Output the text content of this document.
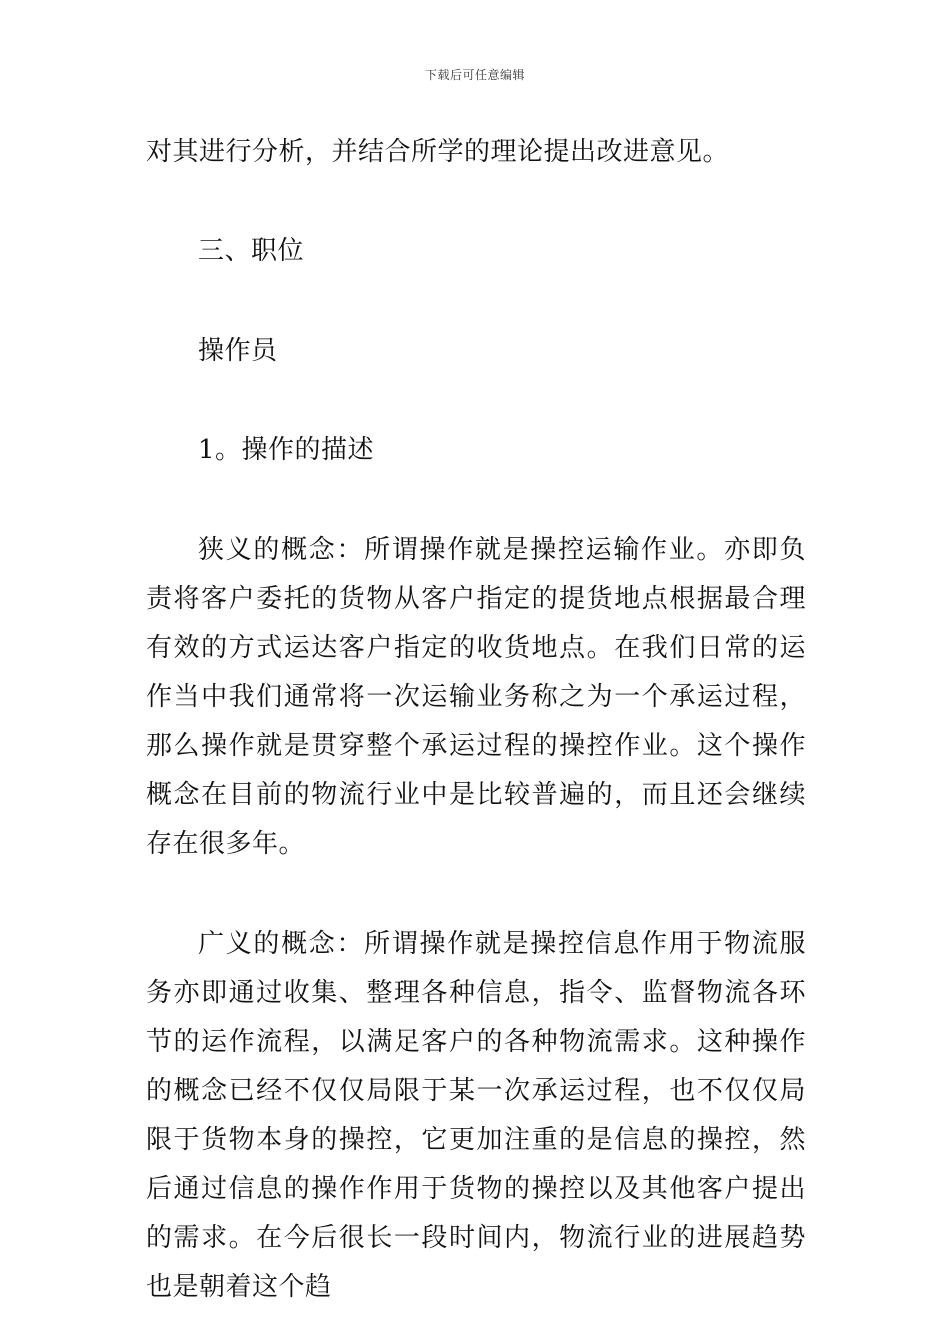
下载后可任意编辑

对其进行分析，并结合所学的理论提出改进意见。

三、职位

操作员

1。操作的描述

狭义的概念：所谓操作就是操控运输作业。亦即负责将客户委托的货物从客户指定的提货地点根据最合理有效的方式运达客户指定的收货地点。在我们日常的运作当中我们通常将一次运输业务称之为一个承运过程，那么操作就是贯穿整个承运过程的操控作业。这个操作概念在目前的物流行业中是比较普遍的，而且还会继续存在很多年。

广义的概念：所谓操作就是操控信息作用于物流服务亦即通过收集、整理各种信息，指令、监督物流各环节的运作流程，以满足客户的各种物流需求。这种操作的概念已经不仅仅局限于某一次承运过程，也不仅仅局限于货物本身的操控，它更加注重的是信息的操控，然后通过信息的操作作用于货物的操控以及其他客户提出的需求。在今后很长一段时间内，物流行业的进展趋势也是朝着这个趋
